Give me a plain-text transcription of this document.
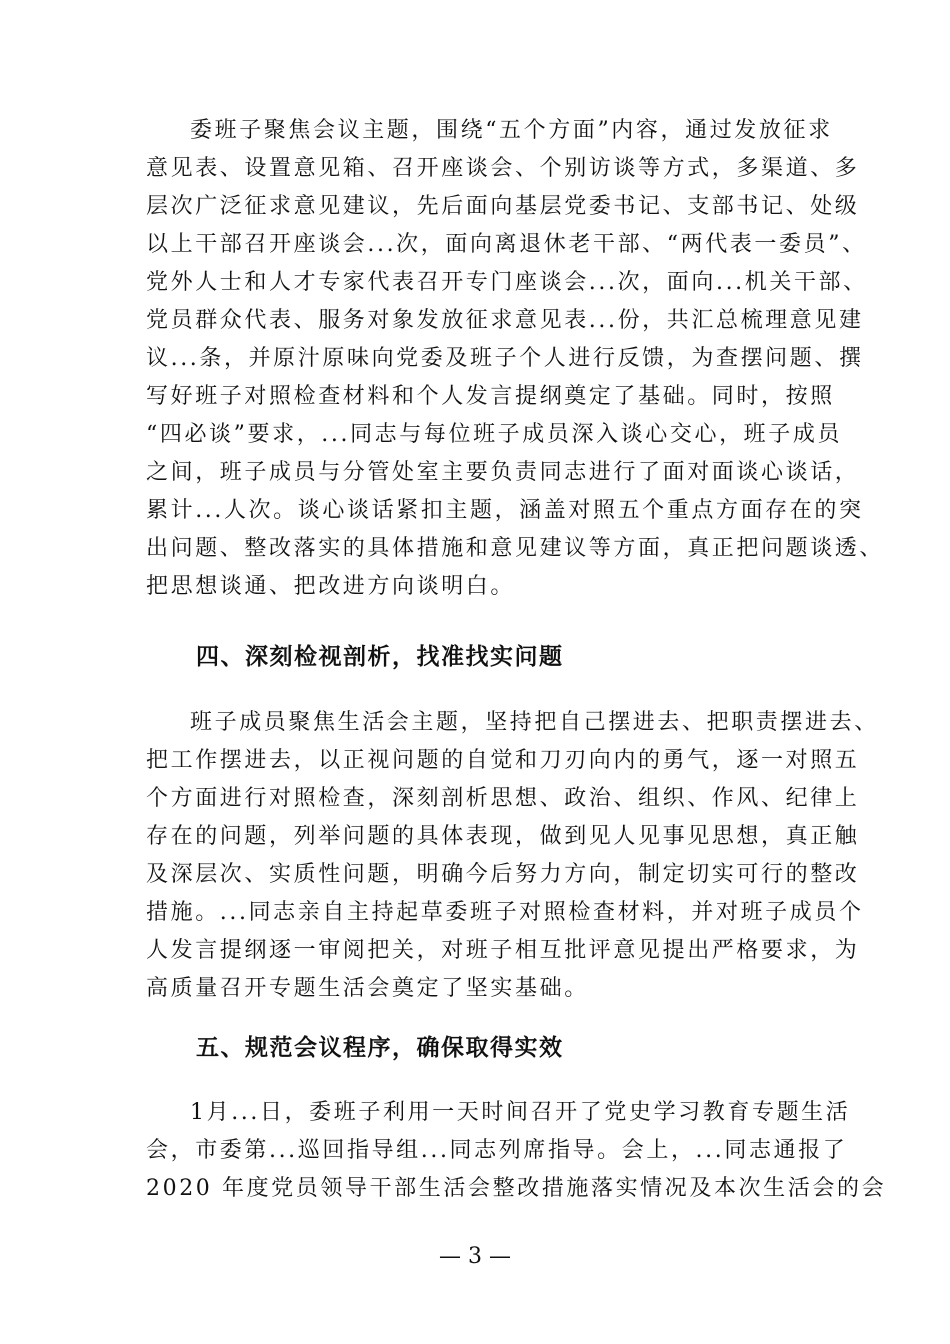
委班子聚焦会议主题，围绕“五个方面”内容，通过发放征求
意见表、设置意见箱、召开座谈会、个别访谈等方式，多渠道、多
层次广泛征求意见建议，先后面向基层党委书记、支部书记、处级
以上干部召开座谈会...次，面向离退休老干部、“两代表一委员”、
党外人士和人才专家代表召开专门座谈会...次，面向...机关干部、
党员群众代表、服务对象发放征求意见表...份，共汇总梳理意见建
议...条，并原汁原味向党委及班子个人进行反馈，为查摆问题、撰
写好班子对照检查材料和个人发言提纲奠定了基础。同时，按照
“四必谈”要求，...同志与每位班子成员深入谈心交心，班子成员
之间，班子成员与分管处室主要负责同志进行了面对面谈心谈话，
累计...人次。谈心谈话紧扣主题，涵盖对照五个重点方面存在的突
出问题、整改落实的具体措施和意见建议等方面，真正把问题谈透、
把思想谈通、把改进方向谈明白。
四、深刻检视剖析，找准找实问题
班子成员聚焦生活会主题，坚持把自己摆进去、把职责摆进去、
把工作摆进去，以正视问题的自觉和刀刃向内的勇气，逐一对照五
个方面进行对照检查，深刻剖析思想、政治、组织、作风、纪律上
存在的问题，列举问题的具体表现，做到见人见事见思想，真正触
及深层次、实质性问题，明确今后努力方向，制定切实可行的整改
措施。...同志亲自主持起草委班子对照检查材料，并对班子成员个
人发言提纲逐一审阅把关，对班子相互批评意见提出严格要求，为
高质量召开专题生活会奠定了坚实基础。
五、规范会议程序，确保取得实效
1月...日，委班子利用一天时间召开了党史学习教育专题生活
会，市委第...巡回指导组...同志列席指导。会上，...同志通报了
2020 年度党员领导干部生活会整改措施落实情况及本次生活会的会
— 3 —
